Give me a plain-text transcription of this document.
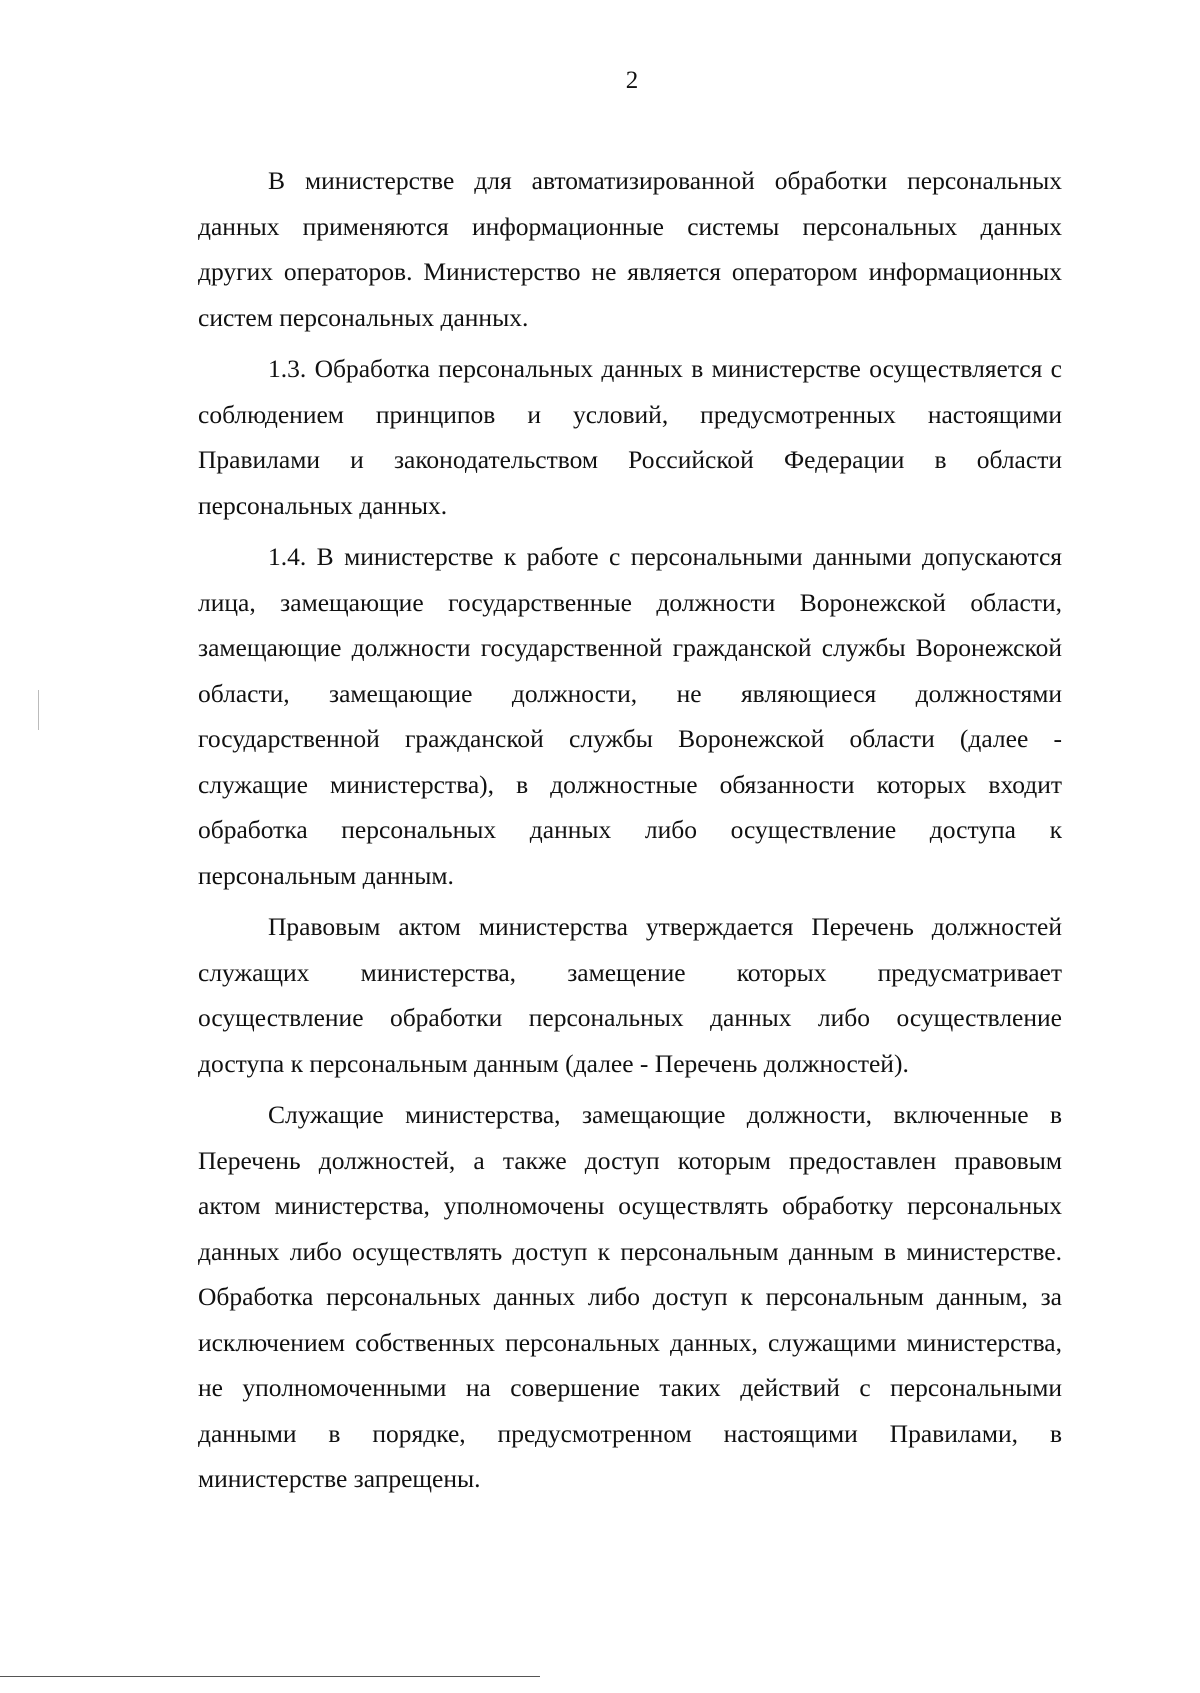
2

В министерстве для автоматизированной обработки персональных
данных применяются информационные системы персональных данных
других операторов. Министерство не является оператором информационных
систем персональных данных.

1.3. Обработка персональных данных в министерстве осуществляется с
соблюдением принципов и условий, предусмотренных настоящими
Правилами и законодательством Российской Федерации в области
персональных данных.

1.4. В министерстве к работе с персональными данными допускаются
лица, замещающие государственные должности Воронежской области,
замещающие должности государственной гражданской службы Воронежской
области, замещающие должности, не являющиеся должностями
государственной гражданской службы Воронежской области (далее -
служащие министерства), в должностные обязанности которых входит
обработка персональных данных либо осуществление доступа к
персональным данным.

Правовым актом министерства утверждается Перечень должностей
служащих министерства, замещение которых предусматривает
осуществление обработки персональных данных либо осуществление
доступа к персональным данным (далее - Перечень должностей).

Служащие министерства, замещающие должности, включенные в
Перечень должностей, а также доступ которым предоставлен правовым
актом министерства, уполномочены осуществлять обработку персональных
данных либо осуществлять доступ к персональным данным в министерстве.
Обработка персональных данных либо доступ к персональным данным, за
исключением собственных персональных данных, служащими министерства,
не уполномоченными на совершение таких действий с персональными
данными в порядке, предусмотренном настоящими Правилами, в
министерстве запрещены.
